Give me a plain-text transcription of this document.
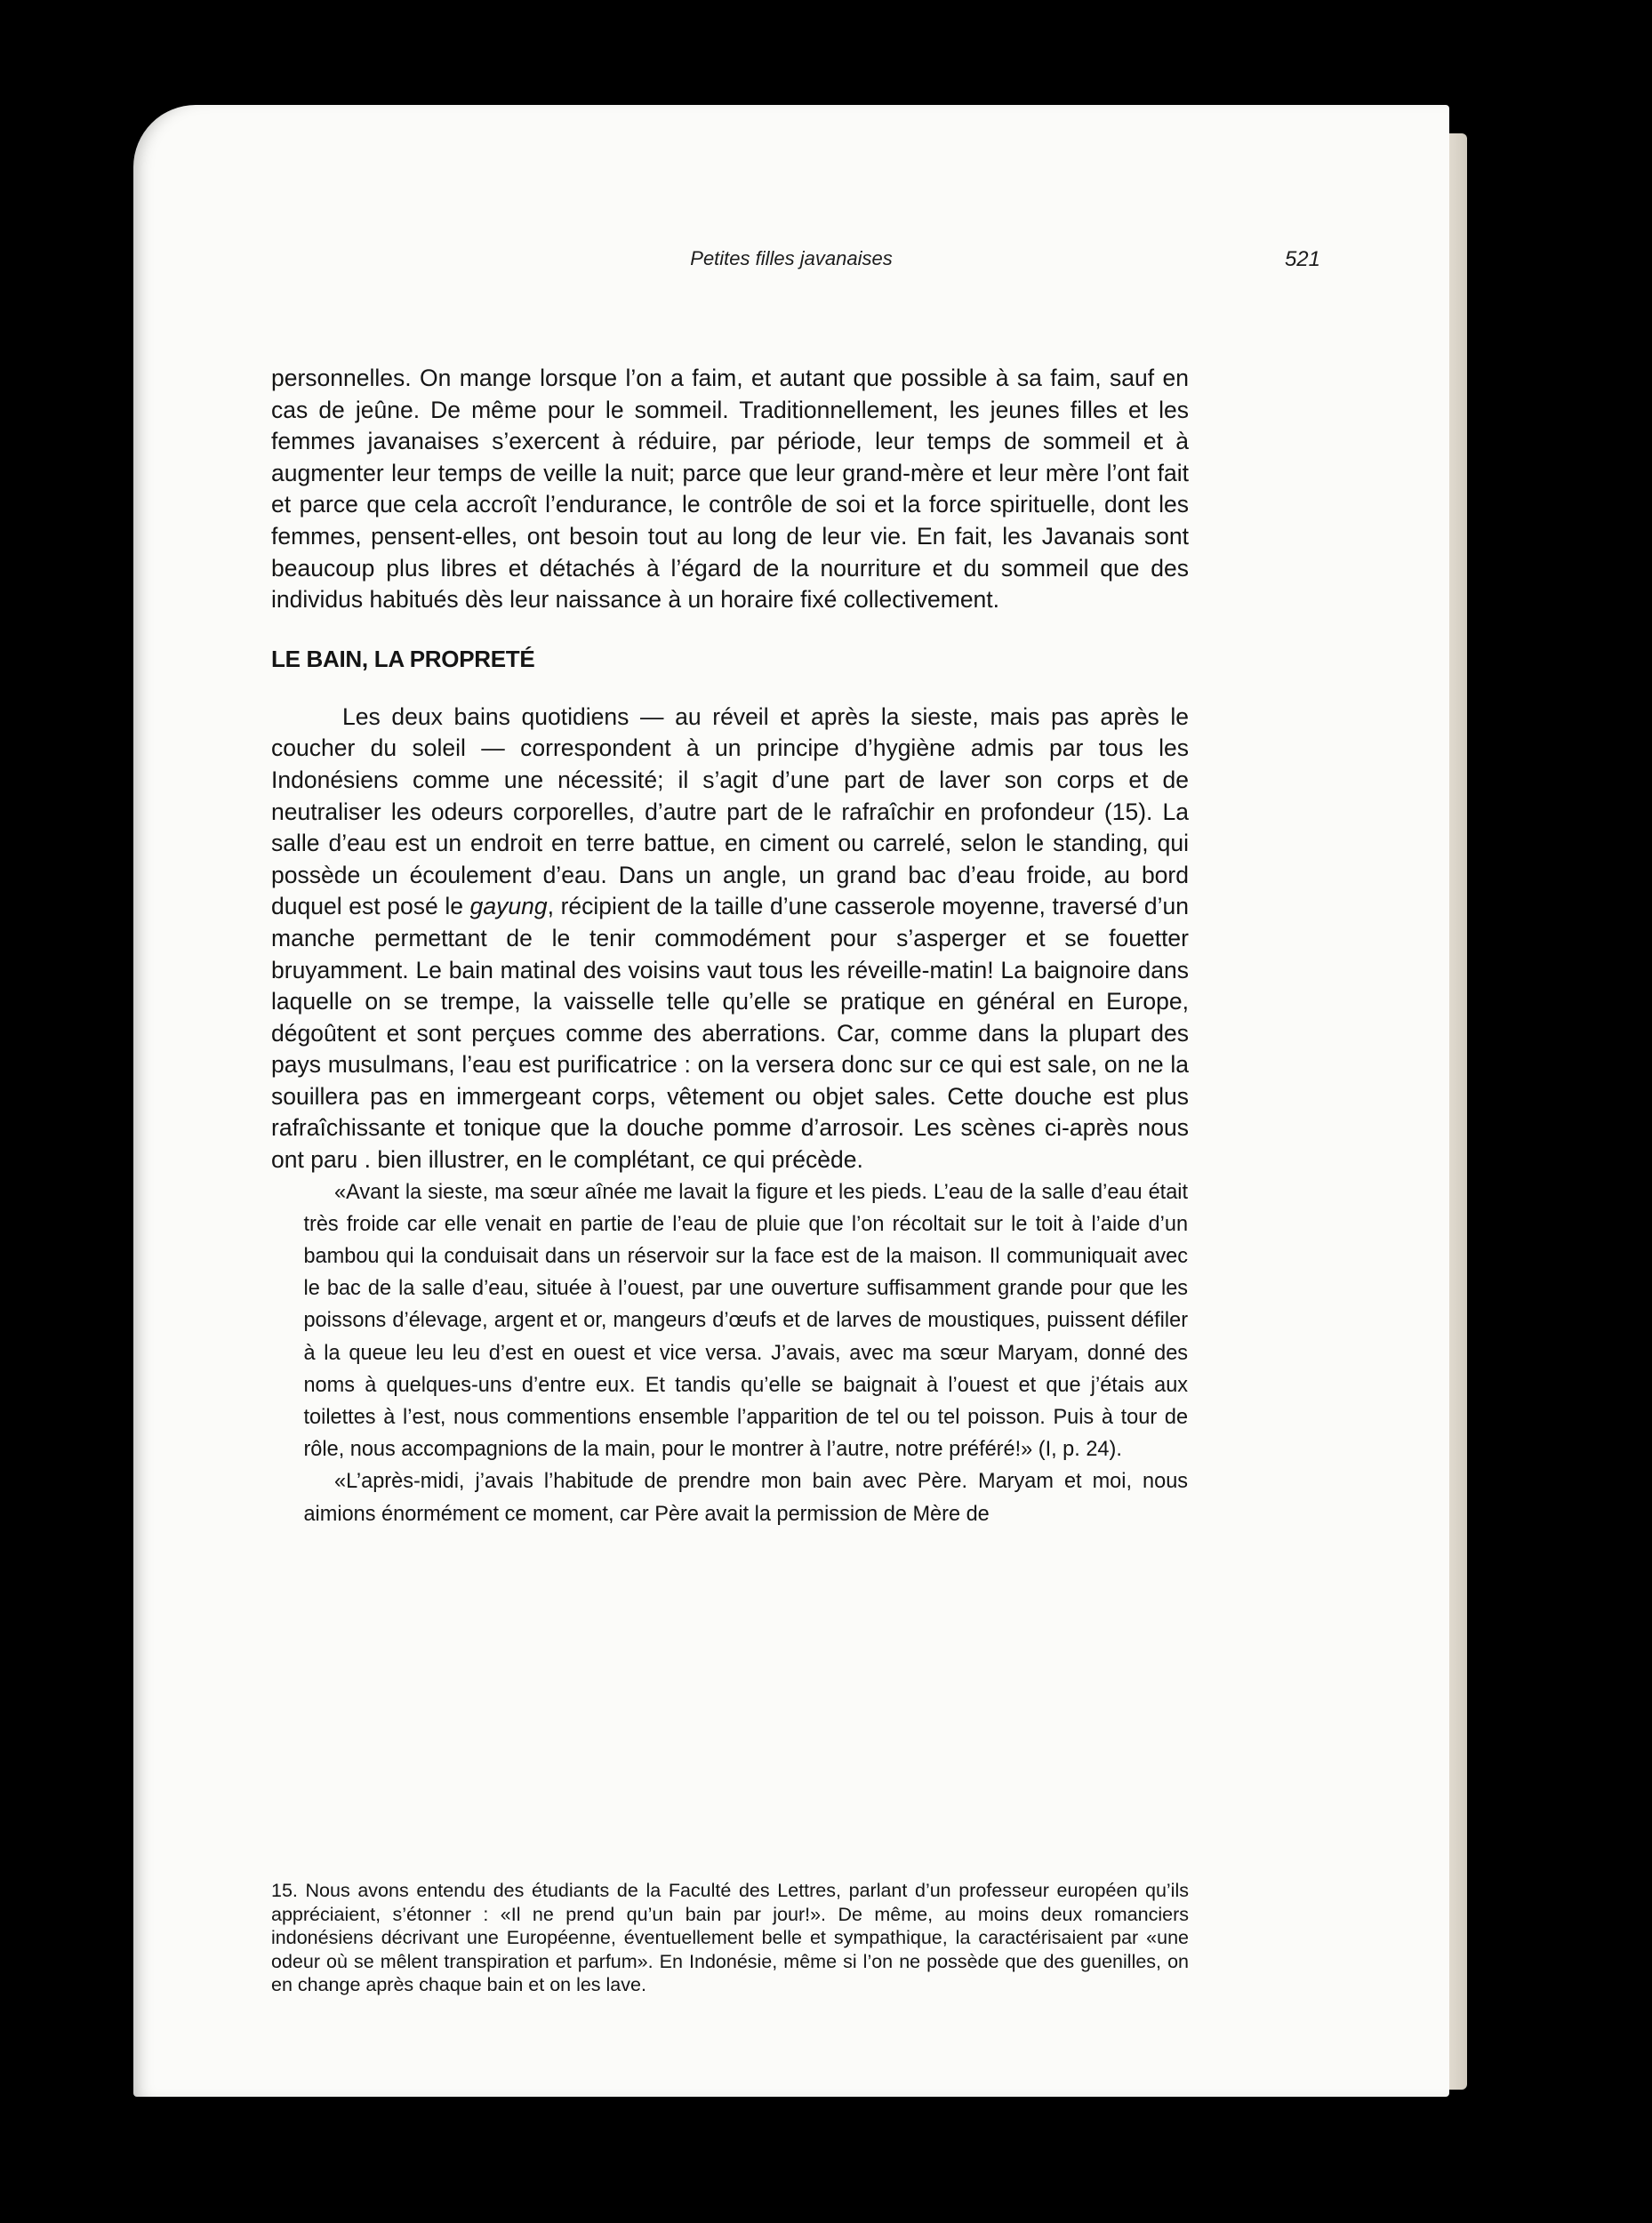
Petites filles javanaises	521

personnelles. On mange lorsque l’on a faim, et autant que possible à sa faim, sauf en cas de jeûne. De même pour le sommeil. Traditionnellement, les jeunes filles et les femmes javanaises s’exercent à réduire, par période, leur temps de sommeil et à augmenter leur temps de veille la nuit; parce que leur grand-mère et leur mère l’ont fait et parce que cela accroît l’endurance, le contrôle de soi et la force spirituelle, dont les femmes, pensent-elles, ont besoin tout au long de leur vie. En fait, les Javanais sont beaucoup plus libres et détachés à l’égard de la nourriture et du sommeil que des individus habitués dès leur naissance à un horaire fixé collectivement.

LE BAIN, LA PROPRETÉ

Les deux bains quotidiens — au réveil et après la sieste, mais pas après le coucher du soleil — correspondent à un principe d’hygiène admis par tous les Indonésiens comme une nécessité; il s’agit d’une part de laver son corps et de neutraliser les odeurs corporelles, d’autre part de le rafraîchir en profondeur (15). La salle d’eau est un endroit en terre battue, en ciment ou carrelé, selon le standing, qui possède un écoulement d’eau. Dans un angle, un grand bac d’eau froide, au bord duquel est posé le gayung, récipient de la taille d’une casserole moyenne, traversé d’un manche permettant de le tenir commodément pour s’asperger et se fouetter bruyamment. Le bain matinal des voisins vaut tous les réveille-matin! La baignoire dans laquelle on se trempe, la vaisselle telle qu’elle se pratique en général en Europe, dégoûtent et sont perçues comme des aberrations. Car, comme dans la plupart des pays musulmans, l’eau est purificatrice : on la versera donc sur ce qui est sale, on ne la souillera pas en immergeant corps, vêtement ou objet sales. Cette douche est plus rafraîchissante et tonique que la douche pomme d’arrosoir. Les scènes ci-après nous ont paru . bien illustrer, en le complétant, ce qui précède.

«Avant la sieste, ma sœur aînée me lavait la figure et les pieds. L’eau de la salle d’eau était très froide car elle venait en partie de l’eau de pluie que l’on récoltait sur le toit à l’aide d’un bambou qui la conduisait dans un réservoir sur la face est de la maison. Il communiquait avec le bac de la salle d’eau, située à l’ouest, par une ouverture suffisamment grande pour que les poissons d’élevage, argent et or, mangeurs d’œufs et de larves de moustiques, puissent défiler à la queue leu leu d’est en ouest et vice versa. J’avais, avec ma sœur Maryam, donné des noms à quelques-uns d’entre eux. Et tandis qu’elle se baignait à l’ouest et que j’étais aux toilettes à l’est, nous commentions ensemble l’apparition de tel ou tel poisson. Puis à tour de rôle, nous accompagnions de la main, pour le montrer à l’autre, notre préféré!» (I, p. 24).

«L’après-midi, j’avais l’habitude de prendre mon bain avec Père. Maryam et moi, nous aimions énormément ce moment, car Père avait la permission de Mère de

15. Nous avons entendu des étudiants de la Faculté des Lettres, parlant d’un professeur européen qu’ils appréciaient, s’étonner : «Il ne prend qu’un bain par jour!». De même, au moins deux romanciers indonésiens décrivant une Européenne, éventuellement belle et sympathique, la caractérisaient par «une odeur où se mêlent transpiration et parfum». En Indonésie, même si l’on ne possède que des guenilles, on en change après chaque bain et on les lave.
